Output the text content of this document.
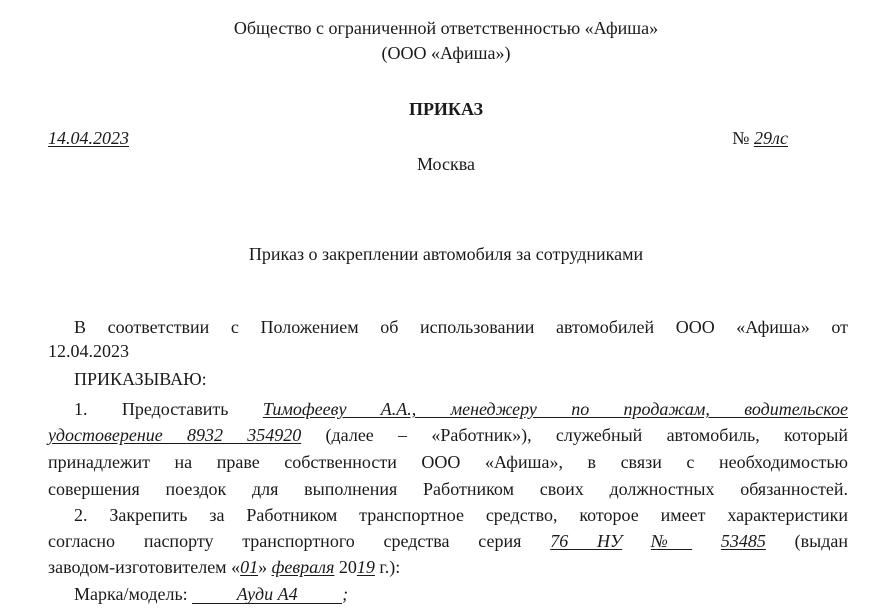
Общество с ограниченной ответственностью «Афиша»
(ООО «Афиша»)
ПРИКАЗ
14.04.2023	№ 29лс
Москва
Приказ о закреплении автомобиля за сотрудниками
В соответствии с Положением об использовании автомобилей ООО «Афиша» от
12.04.2023
ПРИКАЗЫВАЮ:
1. Предоставить Тимофееву А.А., менеджеру по продажам, водительское
удостоверение 8932 354920 (далее – «Работник»), служебный автомобиль, который
принадлежит на праве собственности ООО «Афиша», в связи с необходимостью
совершения поездок для выполнения Работником своих должностных обязанностей.
2. Закрепить за Работником транспортное средство, которое имеет характеристики
согласно паспорту транспортного средства серия 76 НУ № 53485 (выдан
заводом-изготовителем «01» февраля 2019 г.):
Марка/модель:	Ауди А4 ;
